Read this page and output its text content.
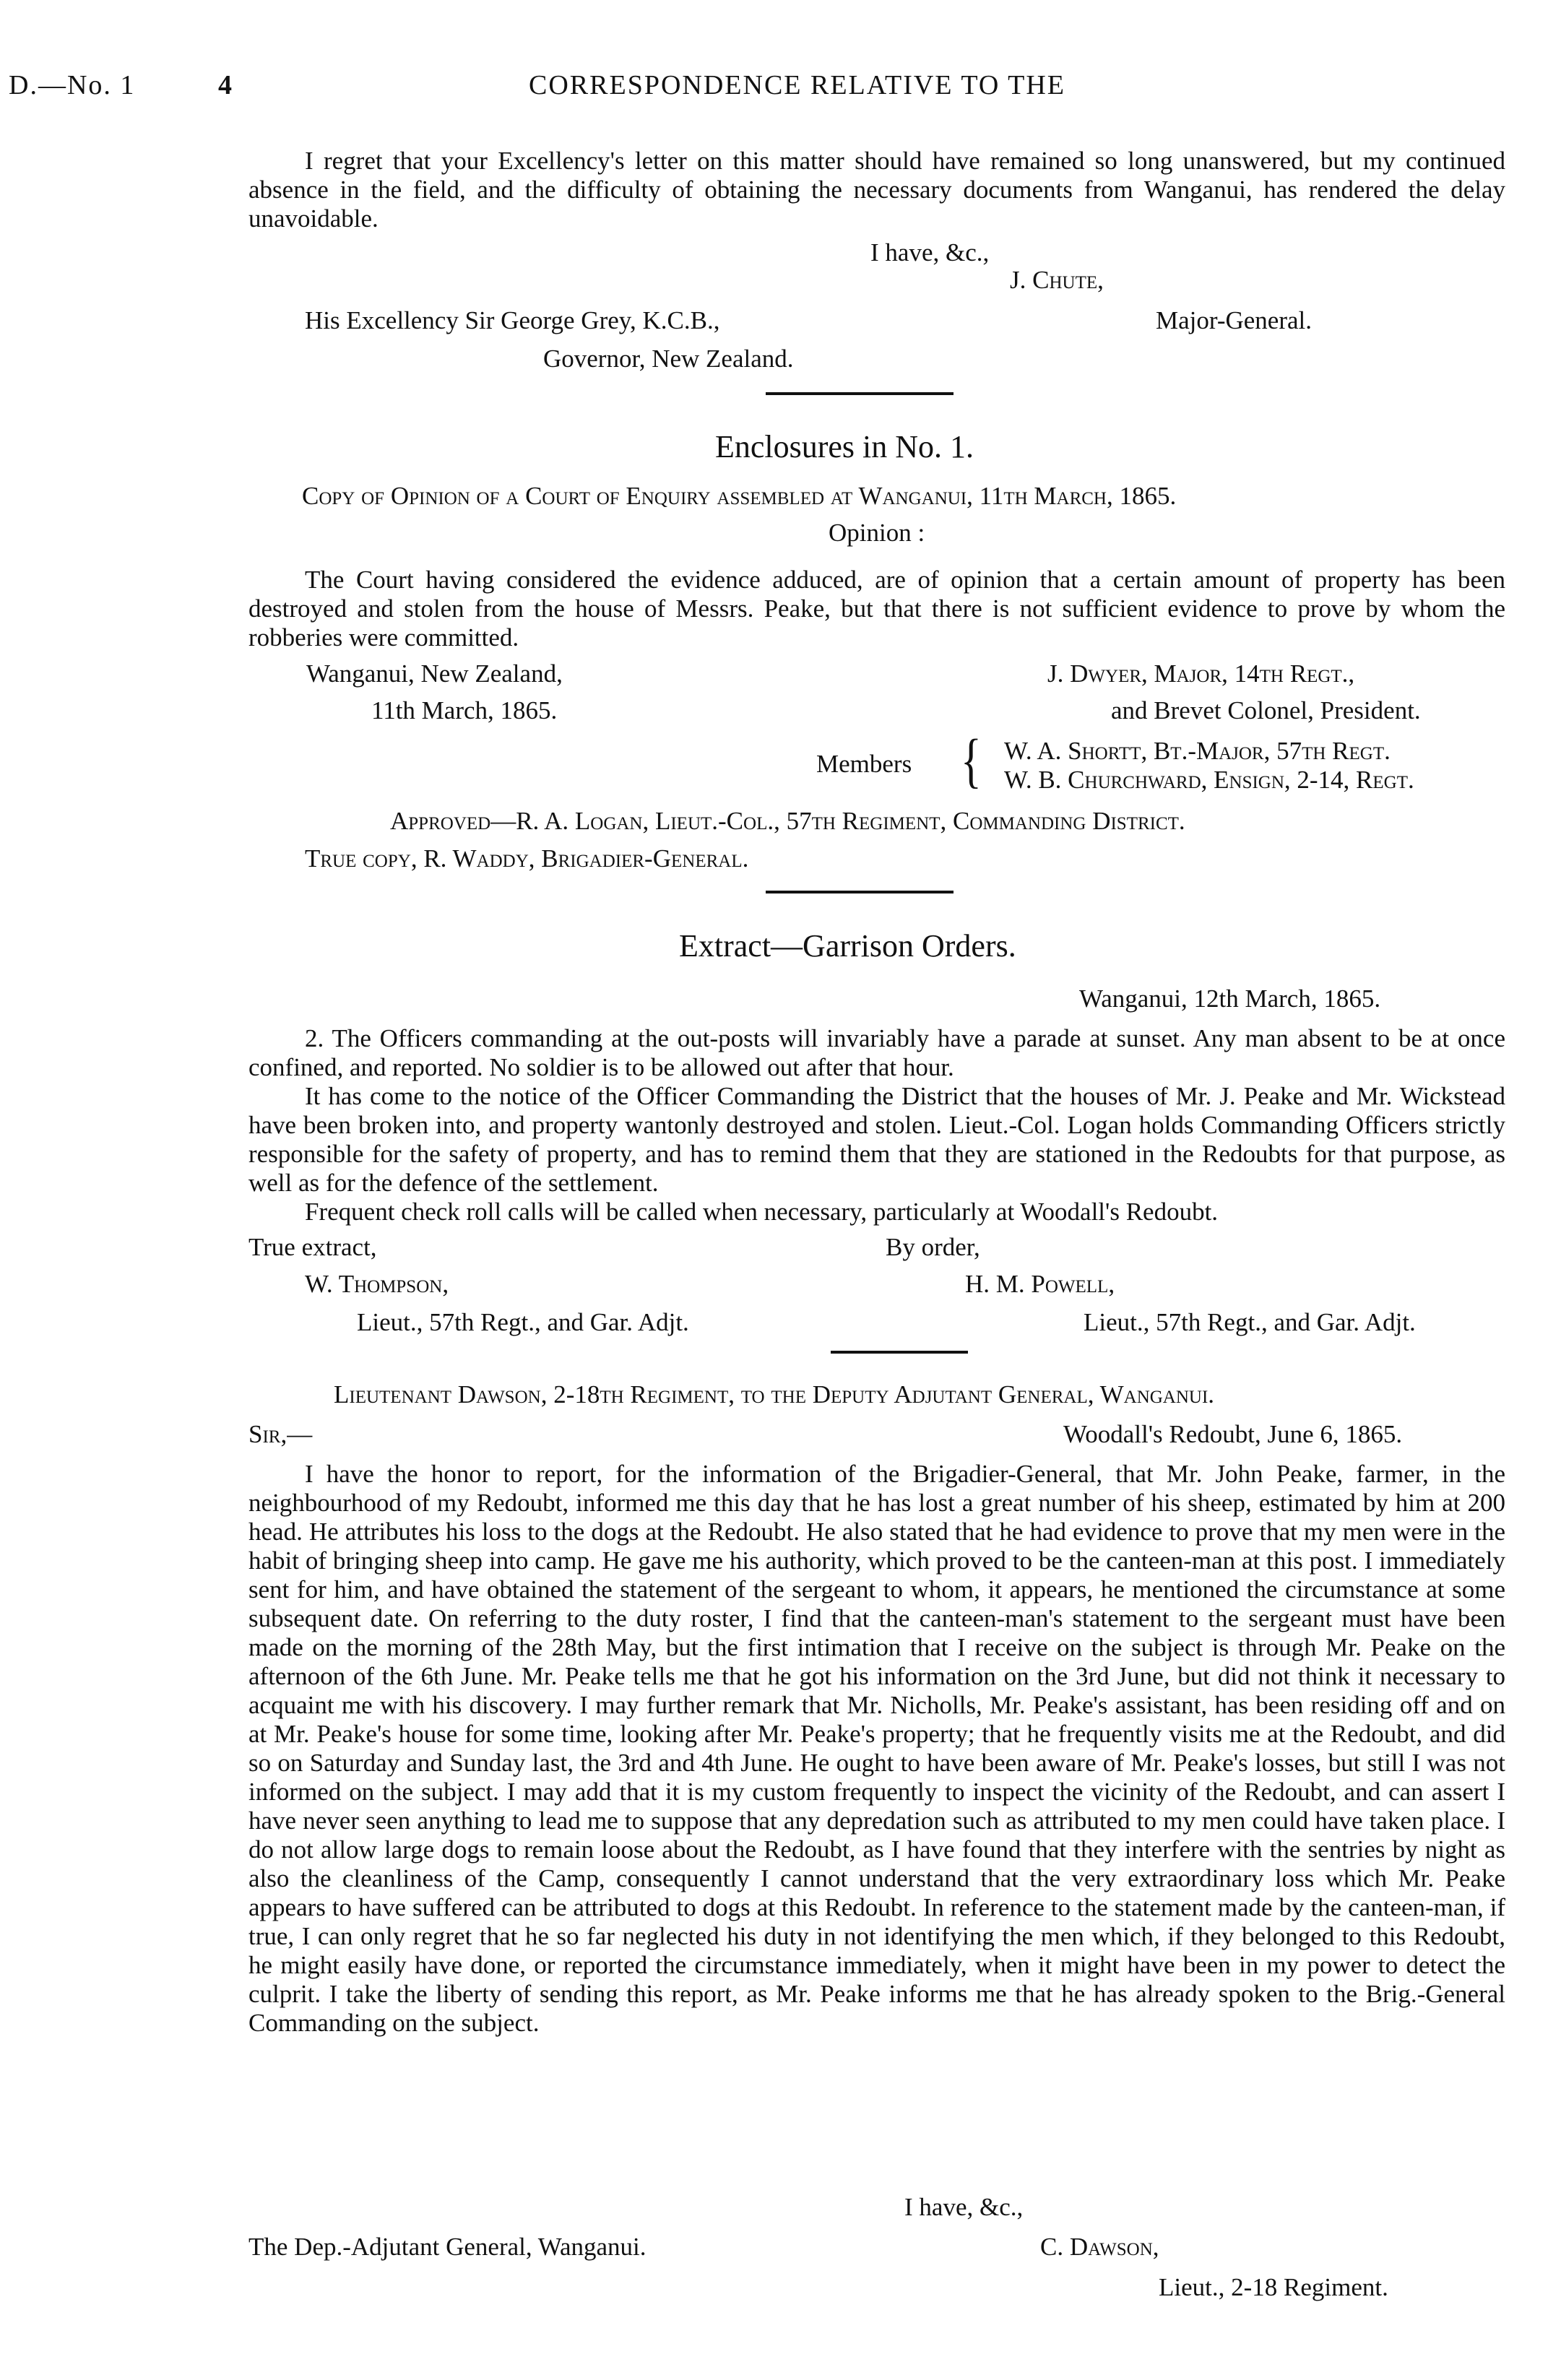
D.—No. 1	4	CORRESPONDENCE RELATIVE TO THE

I regret that your Excellency's letter on this matter should have remained so long unanswered, but my continued absence in the field, and the difficulty of obtaining the necessary documents from Wanganui, has rendered the delay unavoidable.

I have, &c.,
J. Chute,
His Excellency Sir George Grey, K.C.B.,	Major-General.
Governor, New Zealand.
Enclosures in No. 1.
Copy of Opinion of a Court of Enquiry assembled at Wanganui, 11th March, 1865.
Opinion :

The Court having considered the evidence adduced, are of opinion that a certain amount of property has been destroyed and stolen from the house of Messrs. Peake, but that there is not sufficient evidence to prove by whom the robberies were committed.

Wanganui, New Zealand,
11th March, 1865.
J. Dwyer, Major, 14th Regt.,
and Brevet Colonel, President.
Members { W. A. Shortt, Bt.-Major, 57th Regt.
W. B. Churchward, Ensign, 2-14, Regt.
Approved—R. A. Logan, Lieut.-Col., 57th Regiment, Commanding District.
True copy, R. Waddy, Brigadier-General.
Extract—Garrison Orders.
Wanganui, 12th March, 1865.

2. The Officers commanding at the out-posts will invariably have a parade at sunset. Any man absent to be at once confined, and reported. No soldier is to be allowed out after that hour.

It has come to the notice of the Officer Commanding the District that the houses of Mr. J. Peake and Mr. Wickstead have been broken into, and property wantonly destroyed and stolen. Lieut.-Col. Logan holds Commanding Officers strictly responsible for the safety of property, and has to remind them that they are stationed in the Redoubts for that purpose, as well as for the defence of the settlement.

Frequent check roll calls will be called when necessary, particularly at Woodall's Redoubt.

True extract,	By order,
W. Thompson,	H. M. Powell,
Lieut., 57th Regt., and Gar. Adjt.	Lieut., 57th Regt., and Gar. Adjt.
Lieutenant Dawson, 2-18th Regiment, to the Deputy Adjutant General, Wanganui.
Sir,—	Woodall's Redoubt, June 6, 1865.

I have the honor to report, for the information of the Brigadier-General, that Mr. John Peake, farmer, in the neighbourhood of my Redoubt, informed me this day that he has lost a great number of his sheep, estimated by him at 200 head. He attributes his loss to the dogs at the Redoubt. He also stated that he had evidence to prove that my men were in the habit of bringing sheep into camp. He gave me his authority, which proved to be the canteen-man at this post. I immediately sent for him, and have obtained the statement of the sergeant to whom, it appears, he mentioned the circumstance at some subsequent date. On referring to the duty roster, I find that the canteen-man's statement to the sergeant must have been made on the morning of the 28th May, but the first intimation that I receive on the subject is through Mr. Peake on the afternoon of the 6th June. Mr. Peake tells me that he got his information on the 3rd June, but did not think it necessary to acquaint me with his discovery. I may further remark that Mr. Nicholls, Mr. Peake's assistant, has been residing off and on at Mr. Peake's house for some time, looking after Mr. Peake's property; that he frequently visits me at the Redoubt, and did so on Saturday and Sunday last, the 3rd and 4th June. He ought to have been aware of Mr. Peake's losses, but still I was not informed on the subject. I may add that it is my custom frequently to inspect the vicinity of the Redoubt, and can assert I have never seen anything to lead me to suppose that any depredation such as attributed to my men could have taken place. I do not allow large dogs to remain loose about the Redoubt, as I have found that they interfere with the sentries by night as also the cleanliness of the Camp, consequently I cannot understand that the very extraordinary loss which Mr. Peake appears to have suffered can be attributed to dogs at this Redoubt. In reference to the statement made by the canteen-man, if true, I can only regret that he so far neglected his duty in not identifying the men which, if they belonged to this Redoubt, he might easily have done, or reported the circumstance immediately, when it might have been in my power to detect the culprit. I take the liberty of sending this report, as Mr. Peake informs me that he has already spoken to the Brig.-General Commanding on the subject.

I have, &c.,
The Dep.-Adjutant General, Wanganui.	C. Dawson,
Lieut., 2-18 Regiment.
